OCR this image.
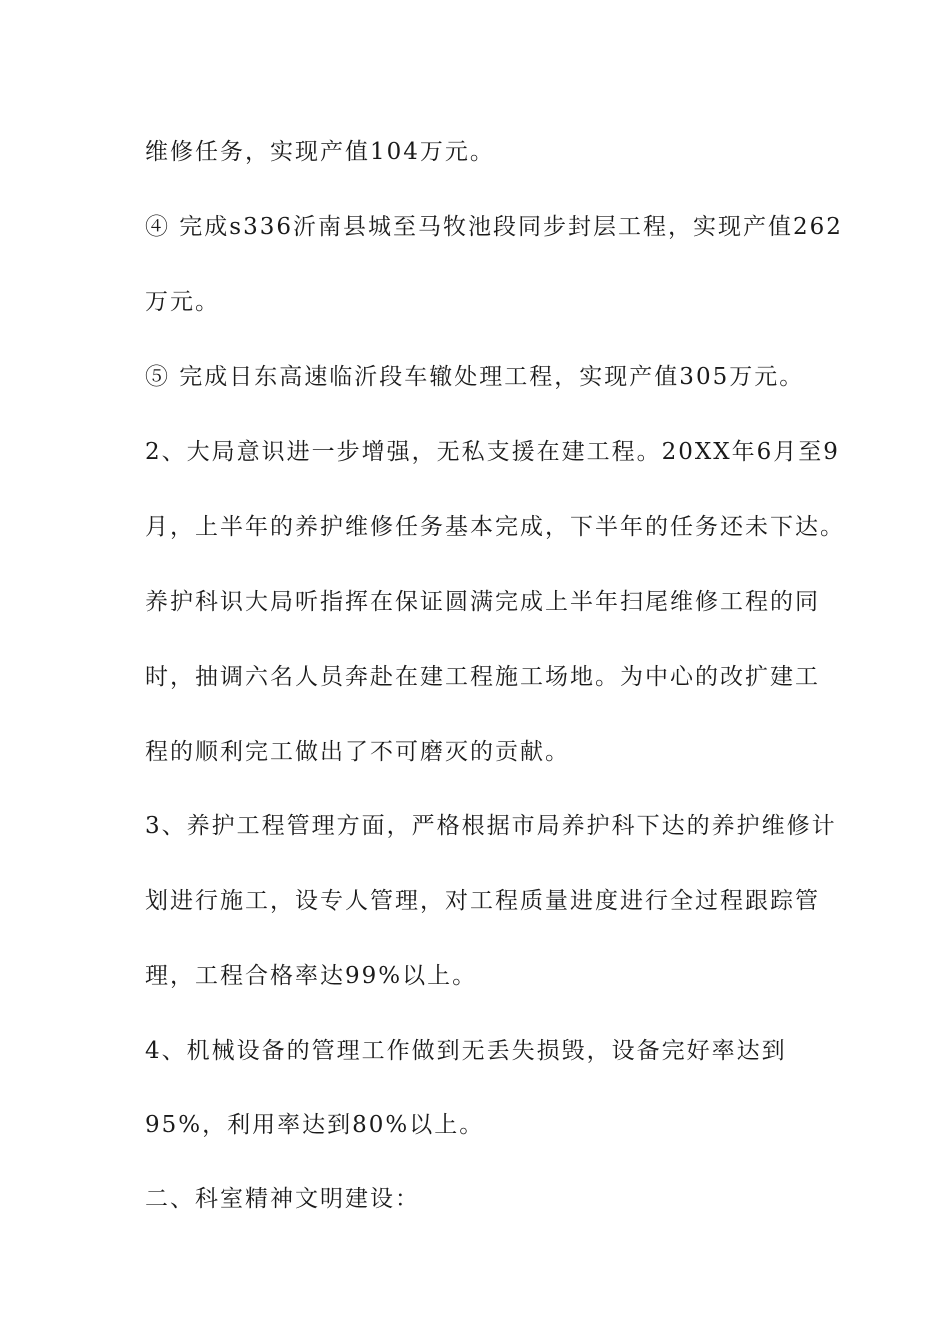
维修任务，实现产值104万元。

④ 完成s336沂南县城至马牧池段同步封层工程，实现产值262

万元。

⑤ 完成日东高速临沂段车辙处理工程，实现产值305万元。

2、大局意识进一步增强，无私支援在建工程。20XX年6月至9

月，上半年的养护维修任务基本完成，下半年的任务还未下达。

养护科识大局听指挥在保证圆满完成上半年扫尾维修工程的同

时，抽调六名人员奔赴在建工程施工场地。为中心的改扩建工

程的顺利完工做出了不可磨灭的贡献。

3、养护工程管理方面，严格根据市局养护科下达的养护维修计

划进行施工，设专人管理，对工程质量进度进行全过程跟踪管

理，工程合格率达99%以上。

4、机械设备的管理工作做到无丢失损毁，设备完好率达到

95%，利用率达到80%以上。

二、科室精神文明建设：
